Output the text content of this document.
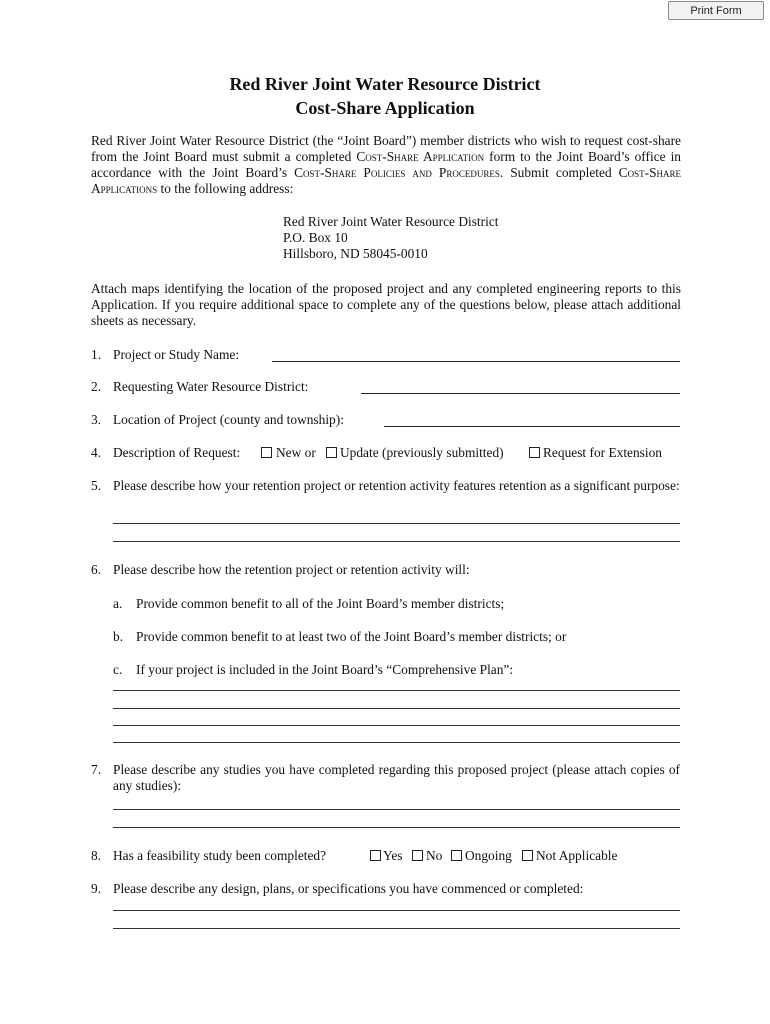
Print Form
Red River Joint Water Resource District
Cost-Share Application

Red River Joint Water Resource District (the “Joint Board”) member districts who wish to request cost-share from the Joint Board must submit a completed Cost-Share Application form to the Joint Board’s office in accordance with the Joint Board’s Cost-Share Policies and Procedures. Submit completed Cost-Share Applications to the following address:

Red River Joint Water Resource District
P.O. Box 10
Hillsboro, ND 58045-0010

Attach maps identifying the location of the proposed project and any completed engineering reports to this Application. If you require additional space to complete any of the questions below, please attach additional sheets as necessary.

1. Project or Study Name:
2. Requesting Water Resource District:
3. Location of Project (county and township):
4. Description of Request:	New or Update (previously submitted)	Request for Extension
5. Please describe how your retention project or retention activity features retention as a significant purpose:

6. Please describe how the retention project or retention activity will:
a. Provide common benefit to all of the Joint Board’s member districts;
b. Provide common benefit to at least two of the Joint Board’s member districts; or
c. If your project is included in the Joint Board’s “Comprehensive Plan”:
7. Please describe any studies you have completed regarding this proposed project (please attach copies of any studies):

8. Has a feasibility study been completed?	Yes No Ongoing Not Applicable
9. Please describe any design, plans, or specifications you have commenced or completed:
